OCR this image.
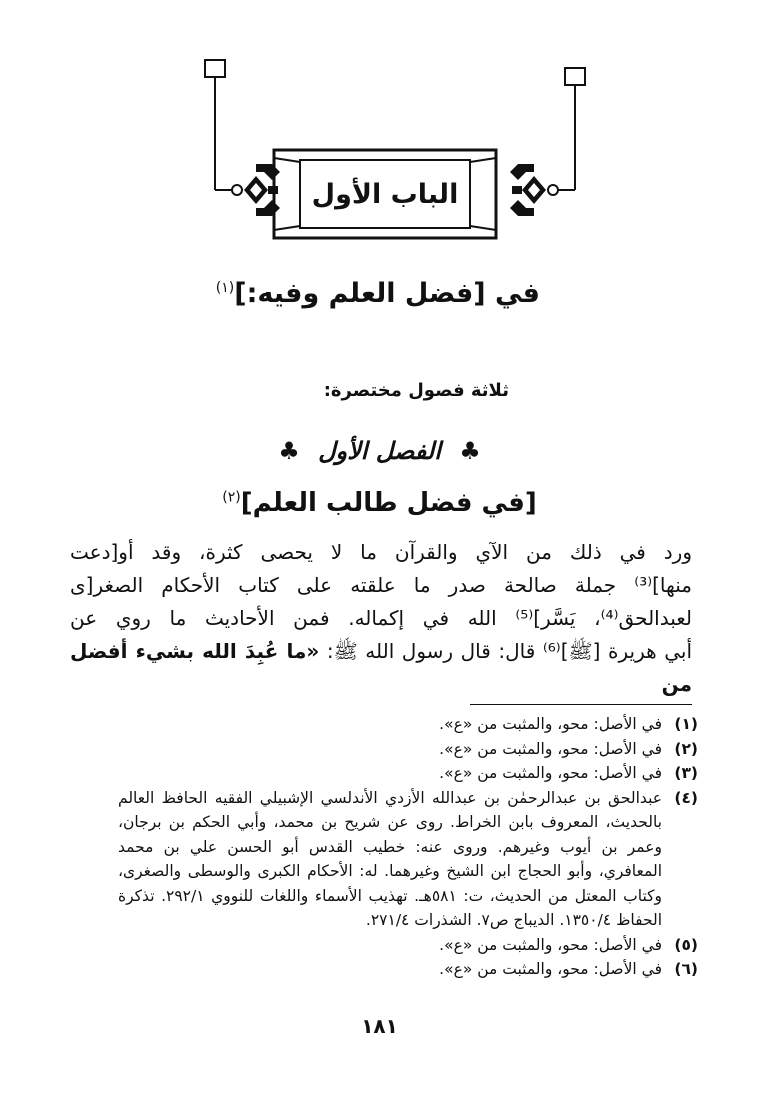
الباب الأول
في [فضل العلم وفيه:]$^{(١)}$
ثلاثة فصول مختصرة:
♣ الفصل الأول ♣
[في فضل طالب العلم]$^{(٢)}$
ورد في ذلك من الآي والقرآن ما لا يحصى كثرة، وقد أو[دعت
منها]⁽³⁾ جملة صالحة صدر ما علقته على كتاب الأحكام الصغر[ى
لعبدالحق⁽⁴⁾، يَسَّر]⁽⁵⁾ الله في إكماله. فمن الأحاديث ما روي عن
أبي هريرة [ﷺ]⁽⁶⁾ قال: قال رسول الله ﷺ: «ما عُبِدَ الله بشيء أفضل من
(١)
في الأصل: محو، والمثبت من «ع».
(٢)
في الأصل: محو، والمثبت من «ع».
(٣)
في الأصل: محو، والمثبت من «ع».
(٤)
عبدالحق بن عبدالرحمٰن بن عبدالله الأزدي الأندلسي الإشبيلي الفقيه الحافظ العالم بالحديث، المعروف بابن الخراط. روى عن شريح بن محمد، وأبي الحكم بن برجان، وعمر بن أيوب وغيرهم. وروى عنه: خطيب القدس أبو الحسن علي بن محمد المعافري، وأبو الحجاج ابن الشيخ وغيرهما. له: الأحكام الكبرى والوسطى والصغرى، وكتاب المعتل من الحديث، ت: ٥٨١هـ. تهذيب الأسماء واللغات للنووي ٢٩٢/١. تذكرة الحفاظ ١٣٥٠/٤. الديباج ص٧. الشذرات ٢٧١/٤.
(٥)
في الأصل: محو، والمثبت من «ع».
(٦)
في الأصل: محو، والمثبت من «ع».
١٨١
